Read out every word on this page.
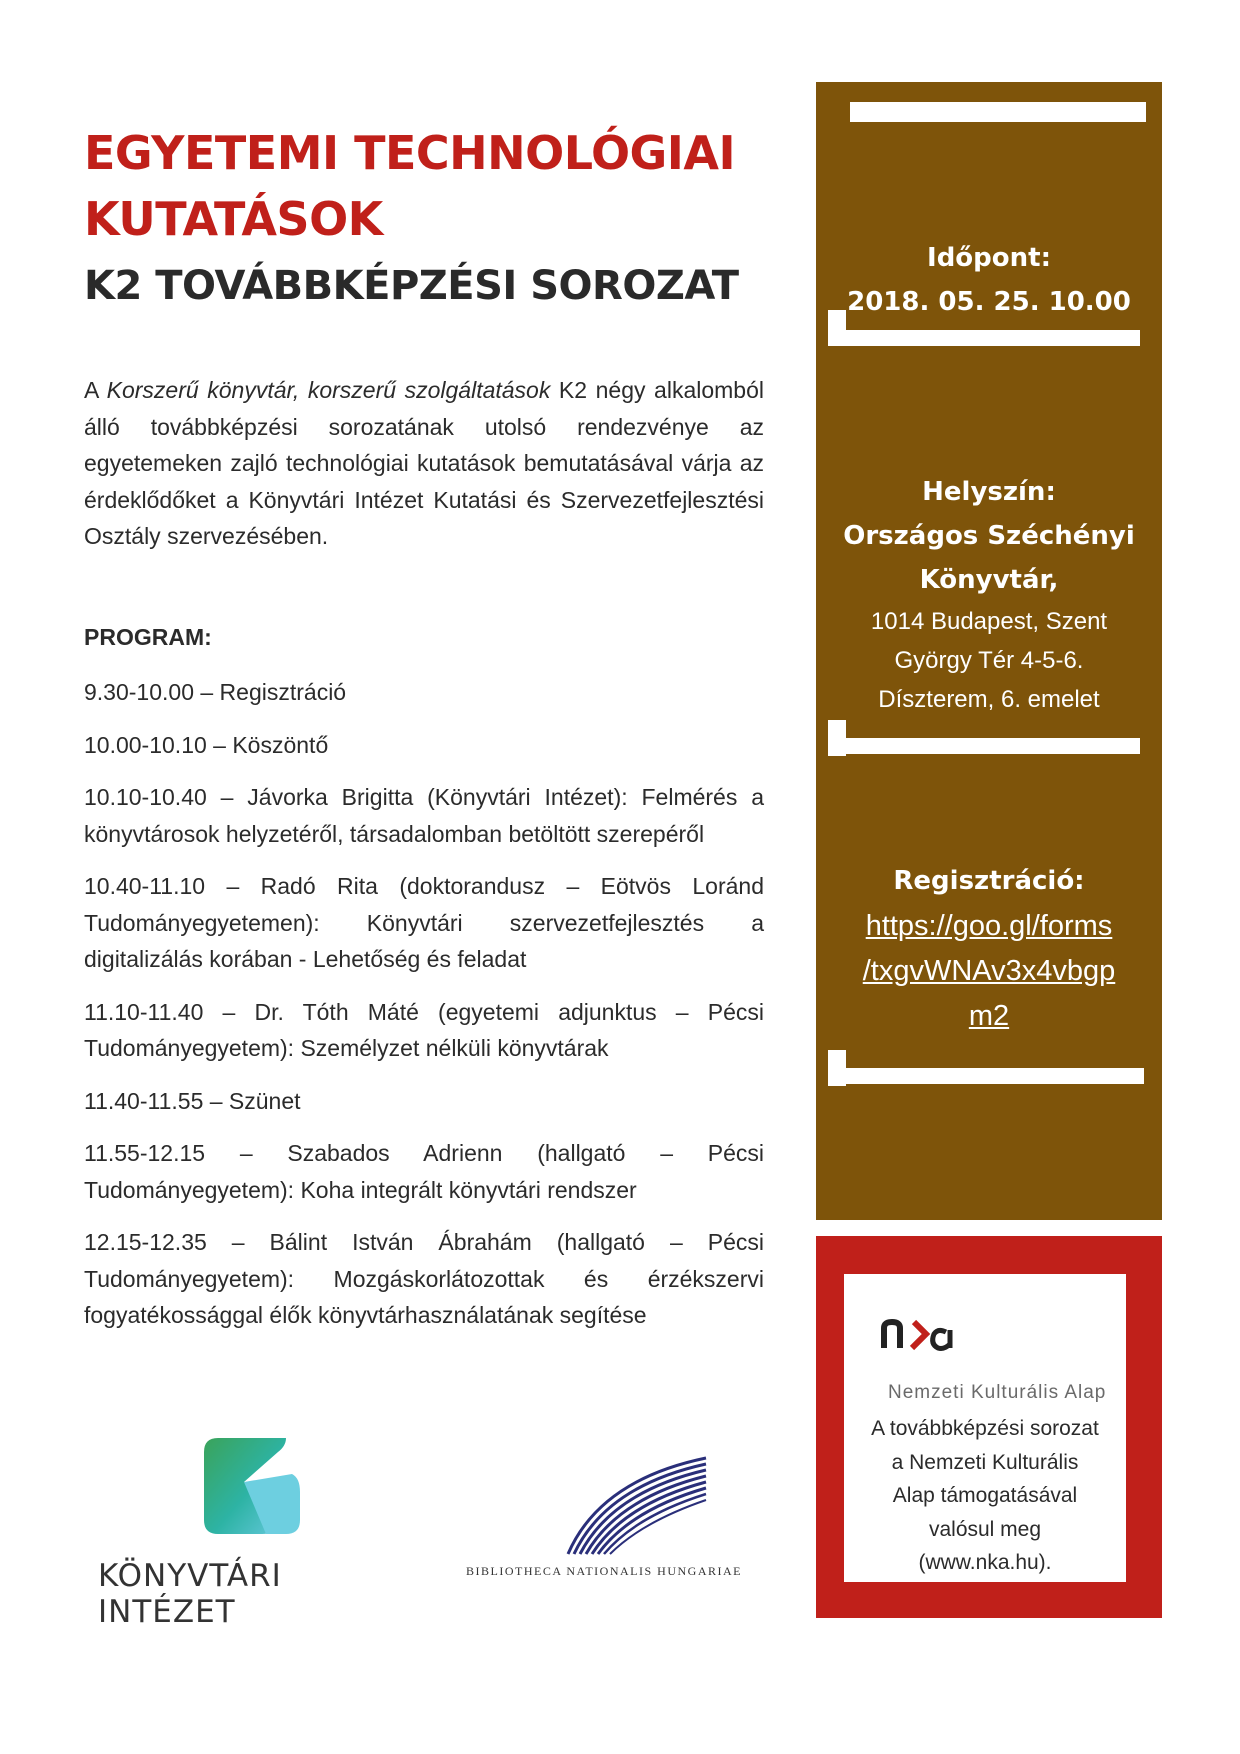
EGYETEMI TECHNOLÓGIAI
KUTATÁSOK
K2 TOVÁBBKÉPZÉSI SOROZAT
A Korszerű könyvtár, korszerű szolgáltatások K2 négy alkalomból álló továbbképzési sorozatának utolsó rendezvénye az egyetemeken zajló technológiai kutatások bemutatásával várja az érdeklődőket a Könyvtári Intézet Kutatási és Szervezetfejlesztési Osztály szervezésében.
PROGRAM:
9.30-10.00 – Regisztráció
10.00-10.10 – Köszöntő
10.10-10.40 – Jávorka Brigitta (Könyvtári Intézet): Felmérés a könyvtárosok helyzetéről, társadalomban betöltött szerepéről
10.40-11.10 – Radó Rita (doktorandusz – Eötvös Loránd Tudományegyetemen): Könyvtári szervezetfejlesztés a digitalizálás korában - Lehetőség és feladat
11.10-11.40 – Dr. Tóth Máté (egyetemi adjunktus – Pécsi Tudományegyetem): Személyzet nélküli könyvtárak
11.40-11.55 – Szünet
11.55-12.15 – Szabados Adrienn (hallgató – Pécsi Tudományegyetem): Koha integrált könyvtári rendszer
12.15-12.35 – Bálint István Ábrahám (hallgató – Pécsi Tudományegyetem): Mozgáskorlátozottak és érzékszervi fogyatékossággal élők könyvtárhasználatának segítése
Időpont:
2018. 05. 25. 10.00
Helyszín:
Országos Széchényi
Könyvtár,
1014 Budapest, Szent
György Tér 4-5-6.
Díszterem, 6. emelet
Regisztráció:
https://goo.gl/forms
/txgvWNAv3x4vbgp
m2
Nemzeti Kulturális Alap
A továbbképzési sorozat
a Nemzeti Kulturális
Alap támogatásával
valósul meg
(www.nka.hu).
KÖNYVTÁRI INTÉZET
BIBLIOTHECA NATIONALIS HUNGARIAE
